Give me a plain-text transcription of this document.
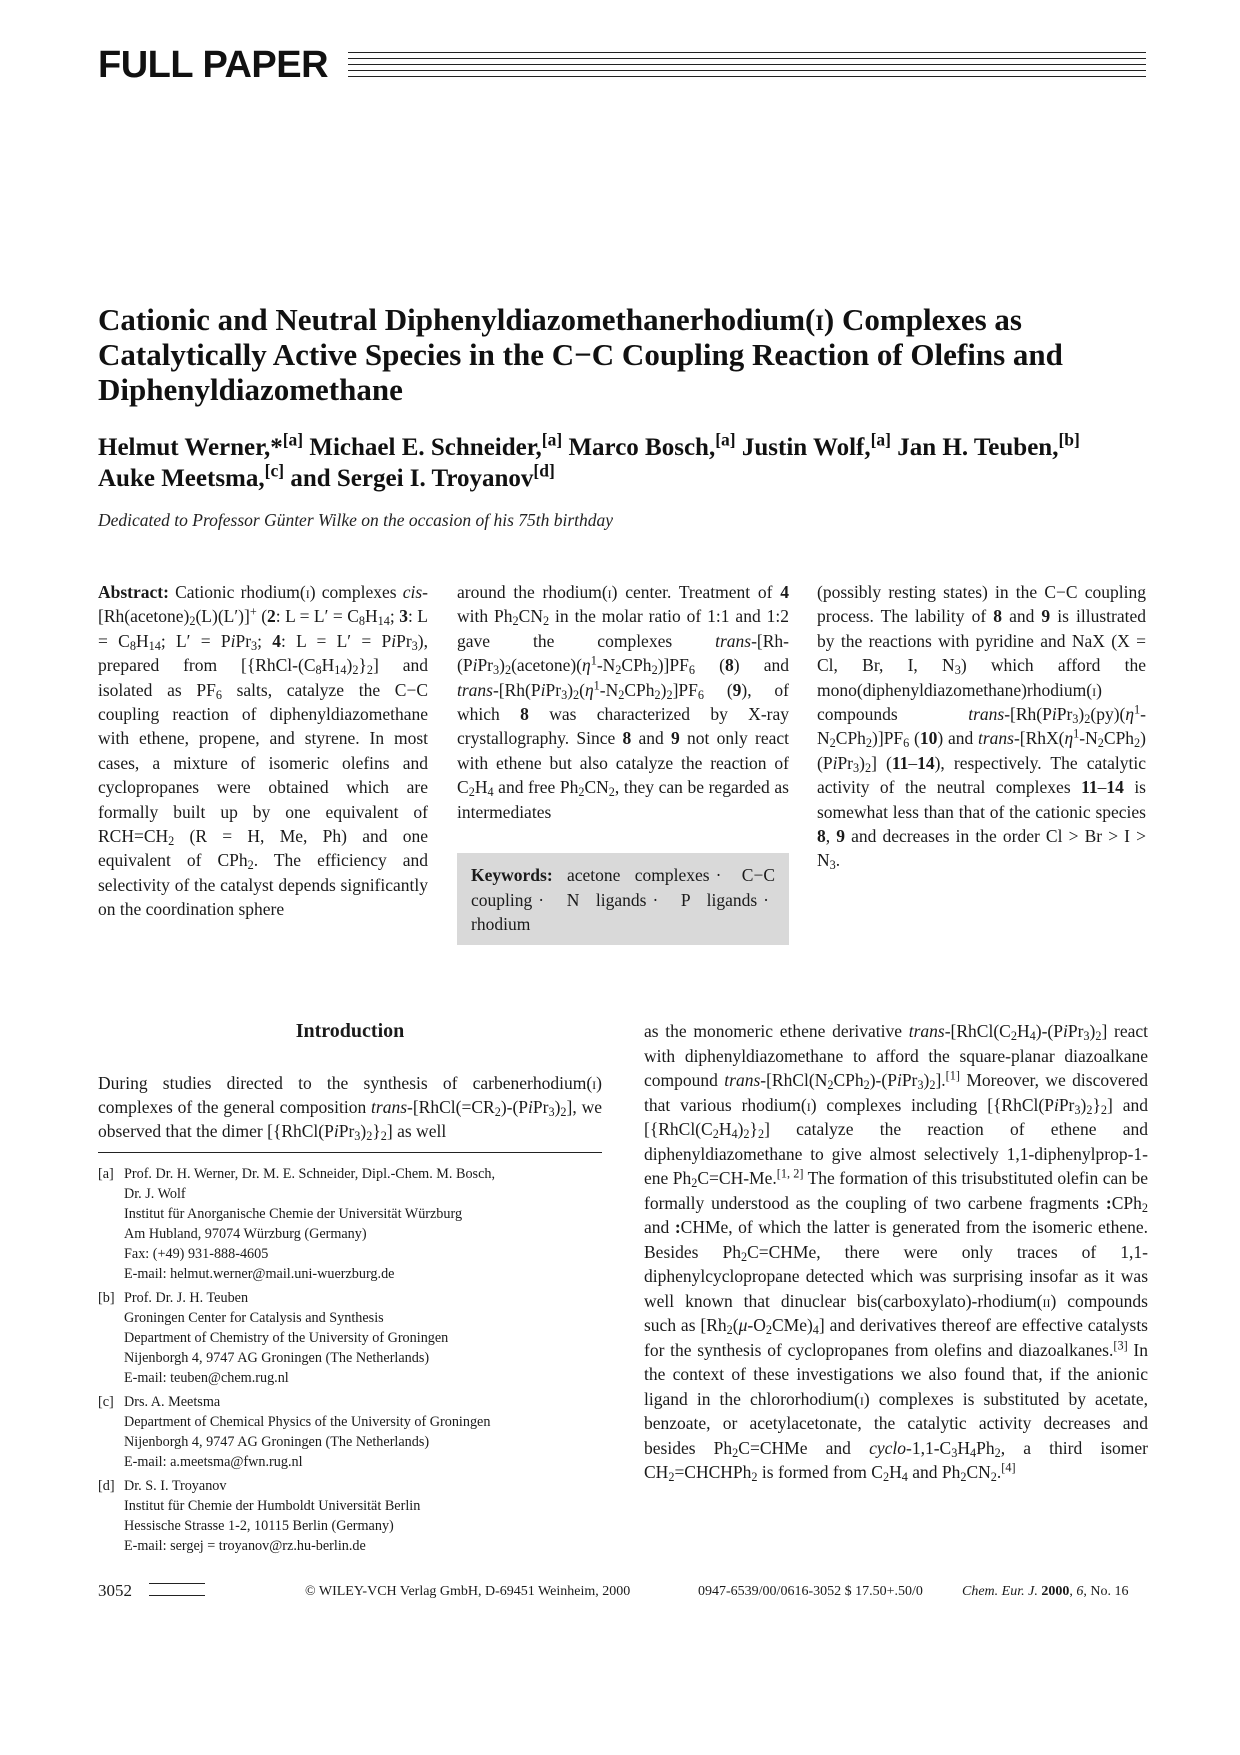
FULL PAPER
Cationic and Neutral Diphenyldiazomethanerhodium(i) Complexes as Catalytically Active Species in the C−C Coupling Reaction of Olefins and Diphenyldiazomethane
Helmut Werner,*[a] Michael E. Schneider,[a] Marco Bosch,[a] Justin Wolf,[a] Jan H. Teuben,[b]
Auke Meetsma,[c] and Sergei I. Troyanov[d]
Dedicated to Professor Günter Wilke on the occasion of his 75th birthday
Abstract: Cationic rhodium(i) complexes cis-$[Rh(acetone)_2(L)(L')]^+$ (2: $L = L' = C_8H_{14}$; 3: $L = C_8H_{14}$; L′ = PiPr$_3$; 4: L = L′ = PiPr$_3$), prepared from $[\{RhCl-(C_8H_{14})_2\}_2]$ and isolated as $PF_6$ salts, catalyze the C−C coupling reaction of diphenyldiazomethane with ethene, propene, and styrene. In most cases, a mixture of isomeric olefins and cyclopropanes were obtained which are formally built up by one equivalent of $RCH=CH_2$ (R = H, Me, Ph) and one equivalent of CPh$_2$. The efficiency and selectivity of the catalyst depends significantly on the coordination sphere
around the rhodium(i) center. Treatment of 4 with $Ph_2CN_2$ in the molar ratio of 1:1 and 1:2 gave the complexes trans-$[Rh-(PiPr_3)_2(acetone)(\eta^1-N_2CPh_2)]PF_6$ (8) and trans-$[Rh(PiPr_3)_2(\eta^1-N_2CPh_2)_2]PF_6$ (9), of which 8 was characterized by X-ray crystallography. Since 8 and 9 not only react with ethene but also catalyze the reaction of $C_2H_4$ and free $Ph_2CN_2$, they can be regarded as intermediates
Keywords: acetone complexes · C−C coupling · N ligands · P ligands · rhodium
(possibly resting states) in the C−C coupling process. The lability of 8 and 9 is illustrated by the reactions with pyridine and NaX (X = Cl, Br, I, $N_3$) which afford the mono(diphenyldiazomethane)rhodium(i) compounds trans-$[Rh(PiPr_3)_2(py)(\eta^1-N_2CPh_2)]PF_6$ (10) and trans-$[RhX(\eta^1-N_2CPh_2)(PiPr_3)_2]$ (11–14), respectively. The catalytic activity of the neutral complexes 11–14 is somewhat less than that of the cationic species 8, 9 and decreases in the order $Cl > Br > I > N_3$.
Introduction
During studies directed to the synthesis of carbenerhodium(i) complexes of the general composition trans-$[RhCl(=CR_2)-(PiPr_3)_2]$, we observed that the dimer $[\{RhCl(PiPr_3)_2\}_2]$ as well
[a] Prof. Dr. H. Werner, Dr. M. E. Schneider, Dipl.-Chem. M. Bosch,
Dr. J. Wolf
Institut für Anorganische Chemie der Universität Würzburg
Am Hubland, 97074 Würzburg (Germany)
Fax: (+49) 931-888-4605
E-mail: helmut.werner@mail.uni-wuerzburg.de
[b] Prof. Dr. J. H. Teuben
Groningen Center for Catalysis and Synthesis
Department of Chemistry of the University of Groningen
Nijenborgh 4, 9747 AG Groningen (The Netherlands)
E-mail: teuben@chem.rug.nl
[c] Drs. A. Meetsma
Department of Chemical Physics of the University of Groningen
Nijenborgh 4, 9747 AG Groningen (The Netherlands)
E-mail: a.meetsma@fwn.rug.nl
[d] Dr. S. I. Troyanov
Institut für Chemie der Humboldt Universität Berlin
Hessische Strasse 1-2, 10115 Berlin (Germany)
E-mail: sergej = troyanov@rz.hu-berlin.de
as the monomeric ethene derivative trans-$[RhCl(C_2H_4)-(PiPr_3)_2]$ react with diphenyldiazomethane to afford the square-planar diazoalkane compound trans-$[RhCl(N_2CPh_2)-(PiPr_3)_2].[1]$ Moreover, we discovered that various rhodium(i) complexes including $[\{RhCl(PiPr_3)_2\}_2]$ and $[\{RhCl(C_2H_4)_2\}_2]$ catalyze the reaction of ethene and diphenyldiazomethane to give almost selectively 1,1-diphenylprop-1-ene $Ph_2C=CH-Me.[1, 2]$ The formation of this trisubstituted olefin can be formally understood as the coupling of two carbene fragments :CPh$_2$ and :CHMe, of which the latter is generated from the isomeric ethene. Besides $Ph_2C=CHMe$, there were only traces of 1,1-diphenylcyclopropane detected which was surprising insofar as it was well known that dinuclear bis(carboxylato)-rhodium(ii) compounds such as $[Rh_2(\mu-O_2CMe)_4]$ and derivatives thereof are effective catalysts for the synthesis of cyclopropanes from olefins and diazoalkanes.[3] In the context of these investigations we also found that, if the anionic ligand in the chlororhodium(i) complexes is substituted by acetate, benzoate, or acetylacetonate, the catalytic activity decreases and besides $Ph_2C=CHMe$ and cyclo-$1,1-C_3H_4Ph_2$, a third isomer $CH_2=CHCHPh_2$ is formed from $C_2H_4$ and $Ph_2CN_2.[4]$
3052	© WILEY-VCH Verlag GmbH, D-69451 Weinheim, 2000	0947-6539/00/0616-3052 $ 17.50+.50/0	Chem. Eur. J. 2000, 6, No. 16
